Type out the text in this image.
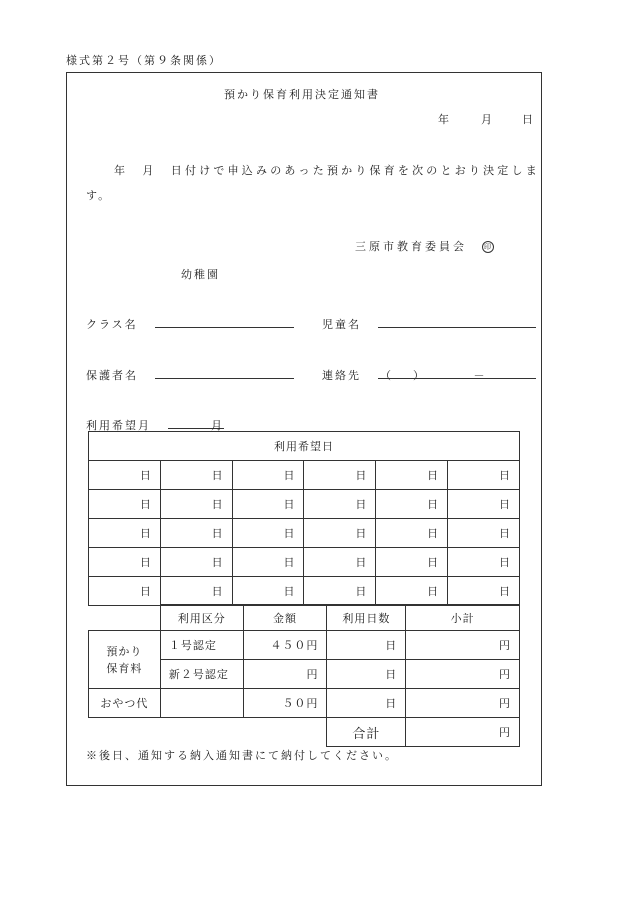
様式第２号（第９条関係）
預かり保育利用決定通知書
年	月	日
年　月　日付けで申込みのあった預かり保育を次のとおり決定しま
す。
三原市教育委員会 印
幼稚園
クラス名	児童名
保護者名	連絡先 （　　）　　　　　－
利用希望月	月
利用希望日					
日	日	日	日	日	日
日	日	日	日	日	日
日	日	日	日	日	日
日	日	日	日	日	日
日	日	日	日	日	日
	利用区分	金額	利用日数	小計
預かり
保育料	１号認定	４５０円	日	円
	新２号認定	円	日	円
おやつ代		５０円	日	円
			合計	円
※後日、通知する納入通知書にて納付してください。
